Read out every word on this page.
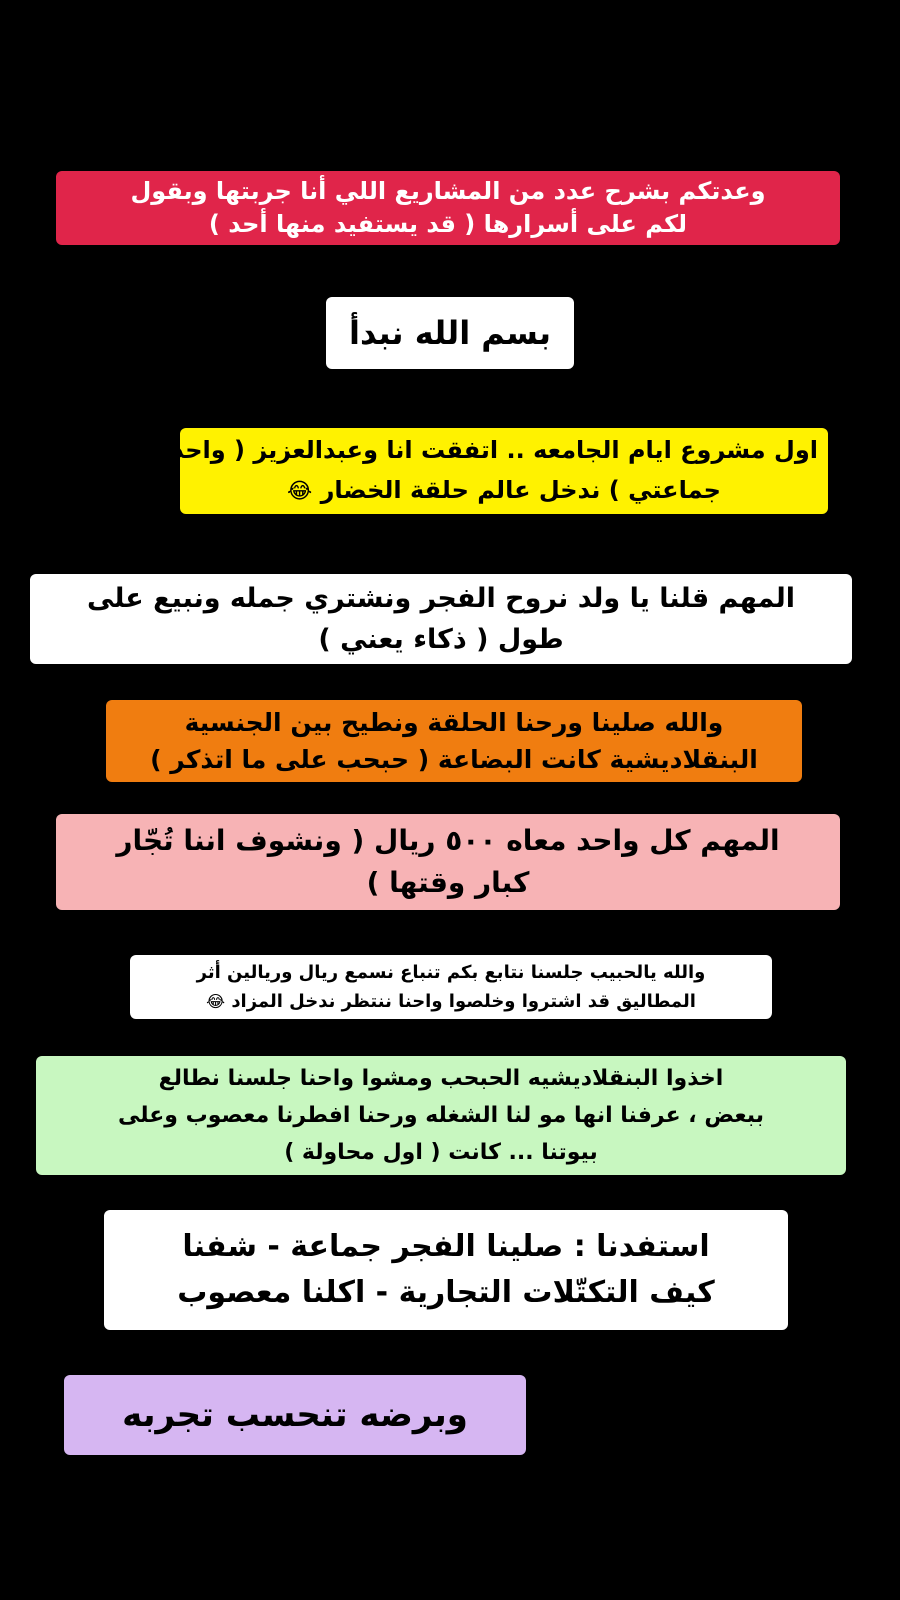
وعدتكم بشرح عدد من المشاريع اللي أنا جربتها وبقول
لكم على أسرارها ( قد يستفيد منها أحد )
بسم الله نبدأ
اول مشروع ايام الجامعه .. اتفقت انا وعبدالعزيز ( واحد من
جماعتي ) ندخل عالم حلقة الخضار 😂
المهم قلنا يا ولد نروح الفجر ونشتري جمله ونبيع على
طول ( ذكاء يعني )
والله صلينا ورحنا الحلقة ونطيح بين الجنسية
البنقلاديشية كانت البضاعة ( حبحب على ما اتذكر )
المهم كل واحد معاه ٥٠٠ ريال ( ونشوف اننا تُجّار
كبار وقتها )
والله يالحبيب جلسنا نتابع بكم تنباع نسمع ريال وريالين أثر
المطاليق قد اشتروا وخلصوا واحنا ننتظر ندخل المزاد 😂
اخذوا البنقلاديشيه الحبحب ومشوا واحنا جلسنا نطالع
ببعض ، عرفنا انها مو لنا الشغله ورحنا افطرنا معصوب وعلى
بيوتنا ... كانت ( اول محاولة )
استفدنا : صلينا الفجر جماعة - شفنا
كيف التكتّلات التجارية - اكلنا معصوب
وبرضه تنحسب تجربه
